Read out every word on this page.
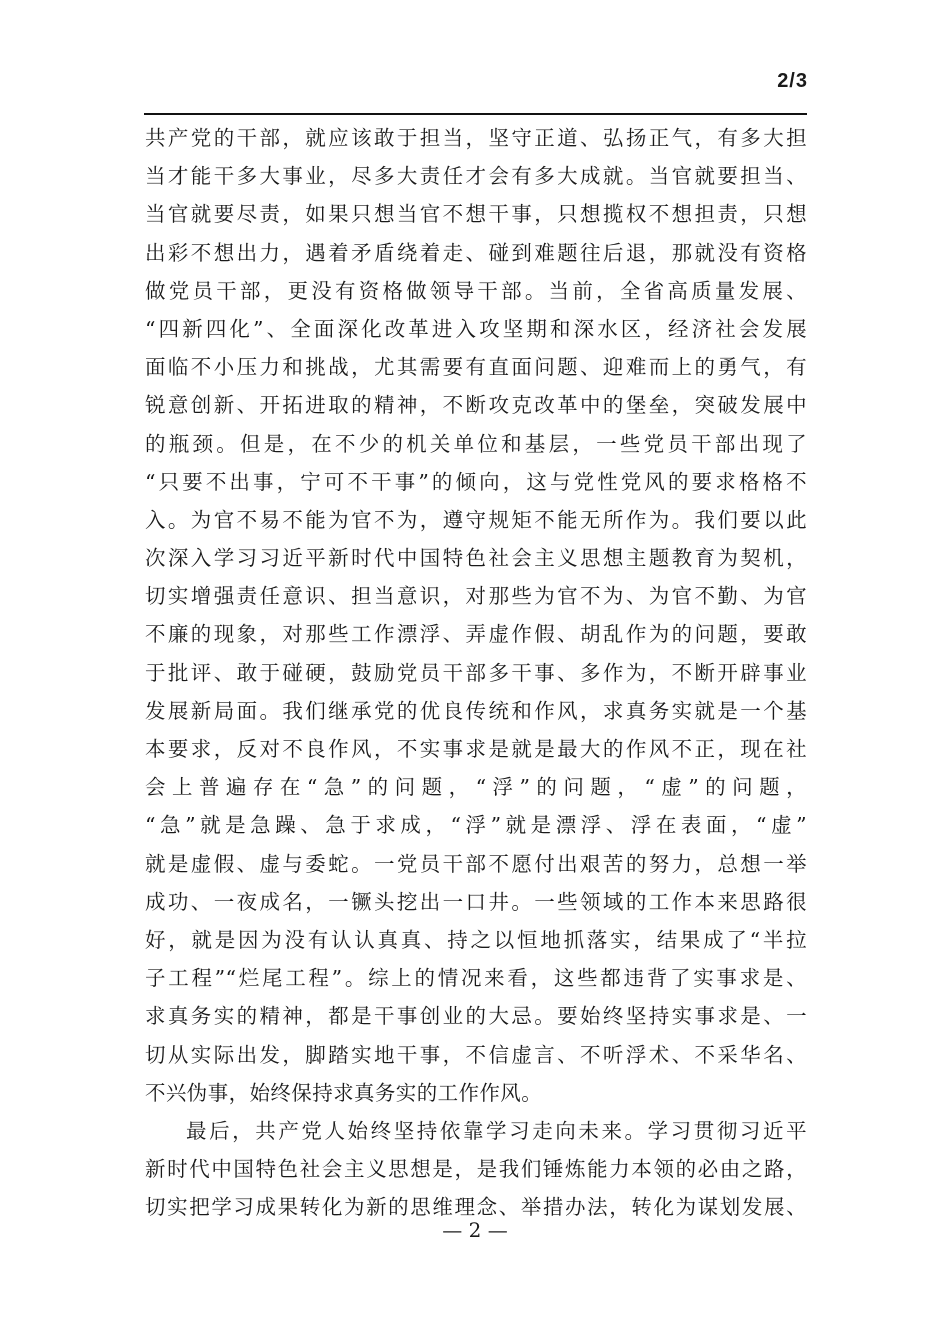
2/3
共产党的干部，就应该敢于担当，坚守正道、弘扬正气，有多大担
当才能干多大事业，尽多大责任才会有多大成就。当官就要担当、
当官就要尽责，如果只想当官不想干事，只想揽权不想担责，只想
出彩不想出力，遇着矛盾绕着走、碰到难题往后退，那就没有资格
做党员干部，更没有资格做领导干部。当前，全省高质量发展、
“四新四化”、全面深化改革进入攻坚期和深水区，经济社会发展
面临不小压力和挑战，尤其需要有直面问题、迎难而上的勇气，有
锐意创新、开拓进取的精神，不断攻克改革中的堡垒，突破发展中
的瓶颈。但是，在不少的机关单位和基层，一些党员干部出现了
“只要不出事，宁可不干事”的倾向，这与党性党风的要求格格不
入。为官不易不能为官不为，遵守规矩不能无所作为。我们要以此
次深入学习习近平新时代中国特色社会主义思想主题教育为契机，
切实增强责任意识、担当意识，对那些为官不为、为官不勤、为官
不廉的现象，对那些工作漂浮、弄虚作假、胡乱作为的问题，要敢
于批评、敢于碰硬，鼓励党员干部多干事、多作为，不断开辟事业
发展新局面。我们继承党的优良传统和作风，求真务实就是一个基
本要求，反对不良作风，不实事求是就是最大的作风不正，现在社
会上普遍存在“急”的问题，“浮”的问题，“虚”的问题，
“急”就是急躁、急于求成，“浮”就是漂浮、浮在表面，“虚”
就是虚假、虚与委蛇。一党员干部不愿付出艰苦的努力，总想一举
成功、一夜成名，一镢头挖出一口井。一些领域的工作本来思路很
好，就是因为没有认认真真、持之以恒地抓落实，结果成了“半拉
子工程”“烂尾工程”。综上的情况来看，这些都违背了实事求是、
求真务实的精神，都是干事创业的大忌。要始终坚持实事求是、一
切从实际出发，脚踏实地干事，不信虚言、不听浮术、不采华名、
不兴伪事，始终保持求真务实的工作作风。
最后，共产党人始终坚持依靠学习走向未来。学习贯彻习近平
新时代中国特色社会主义思想是，是我们锤炼能力本领的必由之路，
切实把学习成果转化为新的思维理念、举措办法，转化为谋划发展、
— 2 —
